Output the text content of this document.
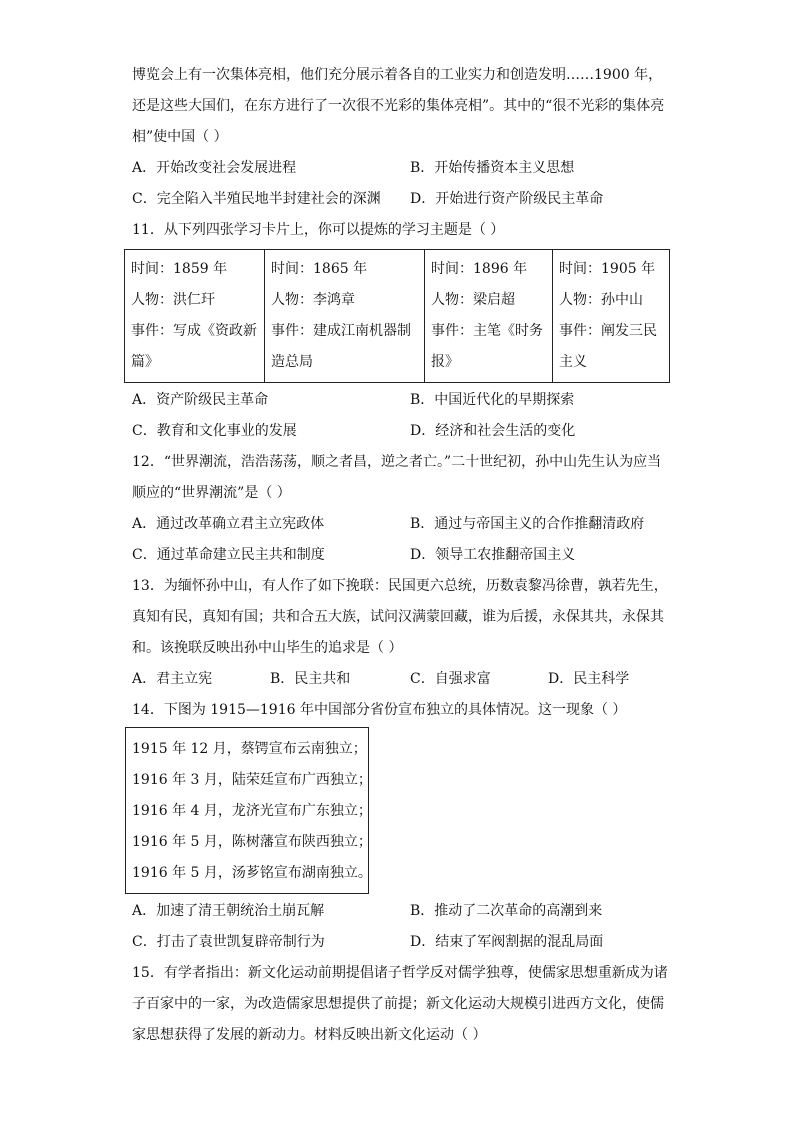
博览会上有一次集体亮相，他们充分展示着各自的工业实力和创造发明……1900 年，
还是这些大国们，在东方进行了一次很不光彩的集体亮相”。其中的“很不光彩的集体亮
相”使中国（ ）
A．开始改变社会发展进程	B．开始传播资本主义思想
C．完全陷入半殖民地半封建社会的深渊 D．开始进行资产阶级民主革命
11．从下列四张学习卡片上，你可以提炼的学习主题是（ ）
时间：1859 年
人物：洪仁玕
事件：写成《资政新
篇》

时间：1865 年
人物：李鸿章
事件：建成江南机器制
造总局

时间：1896 年
人物：梁启超
事件：主笔《时务
报》

时间：1905 年
人物：孙中山
事件：阐发三民
主义
A．资产阶级民主革命	B．中国近代化的早期探索
C．教育和文化事业的发展	D．经济和社会生活的变化
12．“世界潮流，浩浩荡荡，顺之者昌，逆之者亡。”二十世纪初，孙中山先生认为应当
顺应的“世界潮流”是（ ）
A．通过改革确立君主立宪政体	B．通过与帝国主义的合作推翻清政府
C．通过革命建立民主共和制度	D．领导工农推翻帝国主义
13．为缅怀孙中山，有人作了如下挽联：民国更六总统，历数袁黎冯徐曹，孰若先生，
真知有民，真知有国；共和合五大族，试问汉满蒙回藏，谁为后援，永保其共，永保其
和。该挽联反映出孙中山毕生的追求是（ ）
A．君主立宪	B．民主共和	C．自强求富	D．民主科学
14．下图为 1915—1916 年中国部分省份宣布独立的具体情况。这一现象（ ）
1915 年 12 月，蔡锷宣布云南独立；
1916 年 3 月，陆荣廷宣布广西独立；
1916 年 4 月，龙济光宣布广东独立；
1916 年 5 月，陈树藩宣布陕西独立；
1916 年 5 月，汤芗铭宣布湖南独立。
A．加速了清王朝统治土崩瓦解	B．推动了二次革命的高潮到来
C．打击了袁世凯复辟帝制行为	D．结束了军阀割据的混乱局面
15．有学者指出：新文化运动前期提倡诸子哲学反对儒学独尊，使儒家思想重新成为诸
子百家中的一家，为改造儒家思想提供了前提；新文化运动大规模引进西方文化，使儒
家思想获得了发展的新动力。材料反映出新文化运动（ ）
